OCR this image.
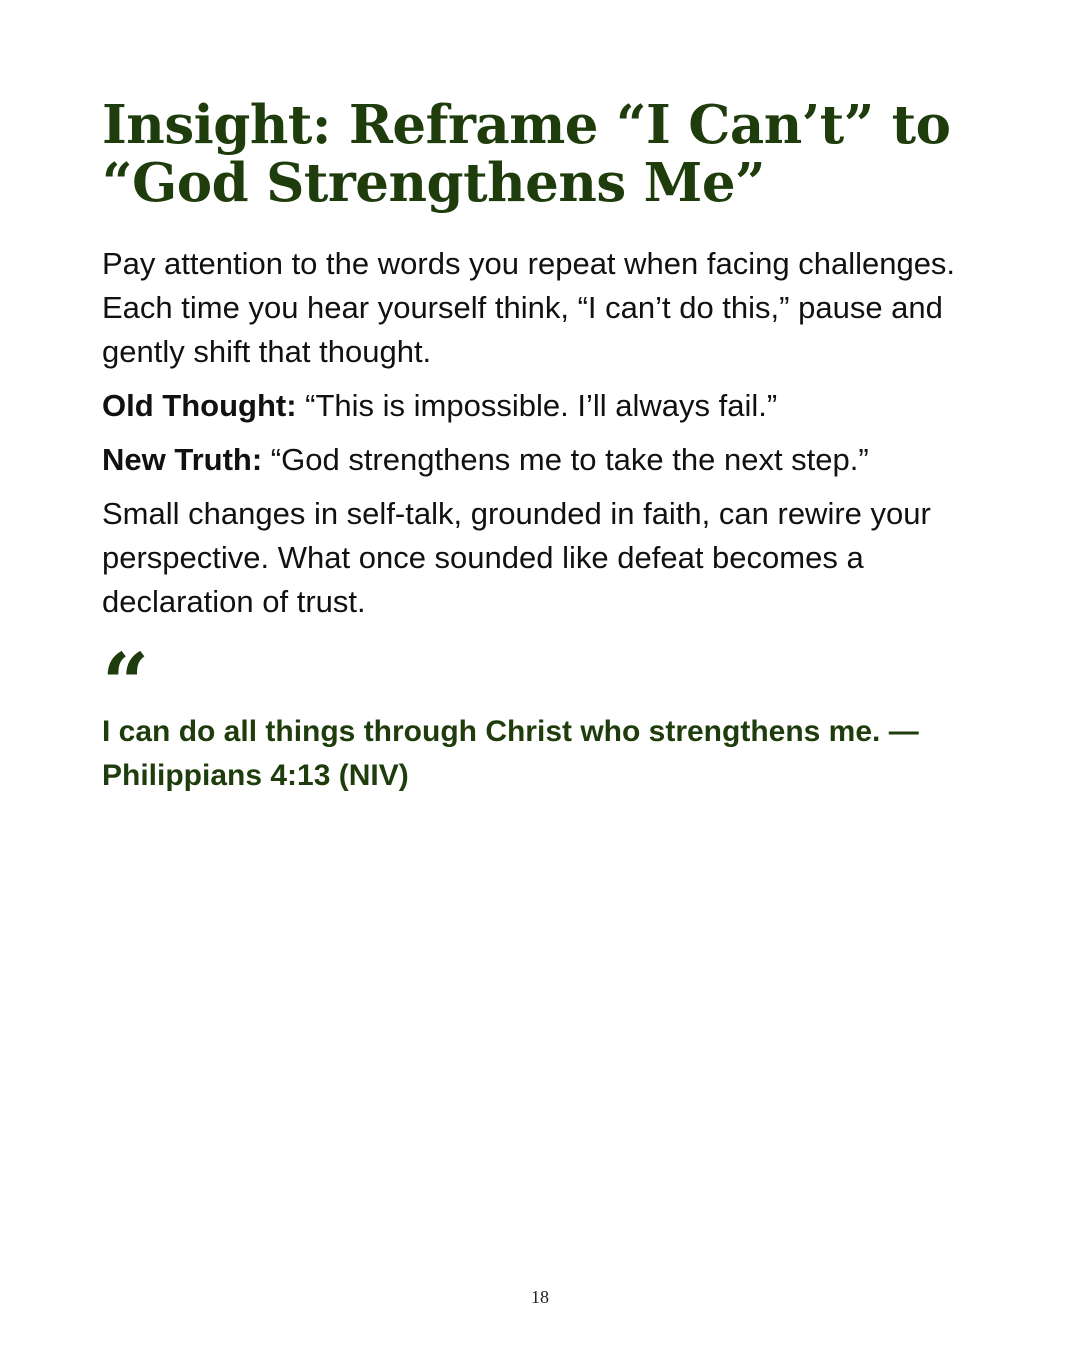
Insight: Reframe “I Can’t” to
“God Strengthens Me”

Pay attention to the words you repeat when facing challenges. Each time you hear yourself think, “I can’t do this,” pause and gently shift that thought.

Old Thought: “This is impossible. I’ll always fail.”

New Truth: “God strengthens me to take the next step.”

Small changes in self-talk, grounded in faith, can rewire your perspective. What once sounded like defeat becomes a declaration of trust.

“

I can do all things through Christ who strengthens me. —
Philippians 4:13 (NIV)

18
